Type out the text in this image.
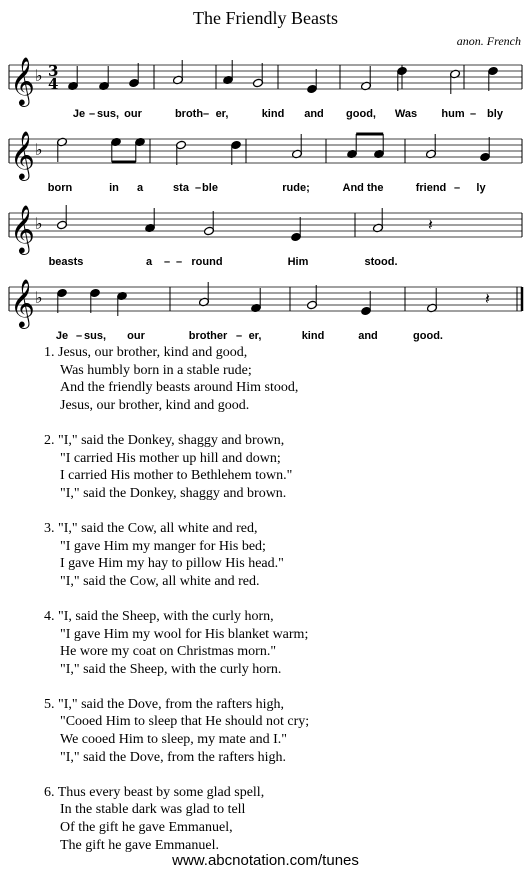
The Friendly Beasts
anon. French
𝄞 ♭ 3
4
Je – sus, our	broth – er,	kind and good, Was hum – bly
𝄞 ♭
born	in a	sta – ble	rude;	And the	friend – ly
𝄞 ♭	𝄽
beasts	a – – round	Him	stood.
𝄞 ♭	𝄽
Je – sus, our	brother – er,	kind	and	good.
1. Jesus, our brother, kind and good,
Was humbly born in a stable rude;
And the friendly beasts around Him stood,
Jesus, our brother, kind and good.
2. "I," said the Donkey, shaggy and brown,
"I carried His mother up hill and down;
I carried His mother to Bethlehem town."
"I," said the Donkey, shaggy and brown.
3. "I," said the Cow, all white and red,
"I gave Him my manger for His bed;
I gave Him my hay to pillow His head."
"I," said the Cow, all white and red.
4. "I, said the Sheep, with the curly horn,
"I gave Him my wool for His blanket warm;
He wore my coat on Christmas morn."
"I," said the Sheep, with the curly horn.
5. "I," said the Dove, from the rafters high,
"Cooed Him to sleep that He should not cry;
We cooed Him to sleep, my mate and I."
"I," said the Dove, from the rafters high.
6. Thus every beast by some glad spell,
In the stable dark was glad to tell
Of the gift he gave Emmanuel,
The gift he gave Emmanuel.
www.abcnotation.com/tunes
